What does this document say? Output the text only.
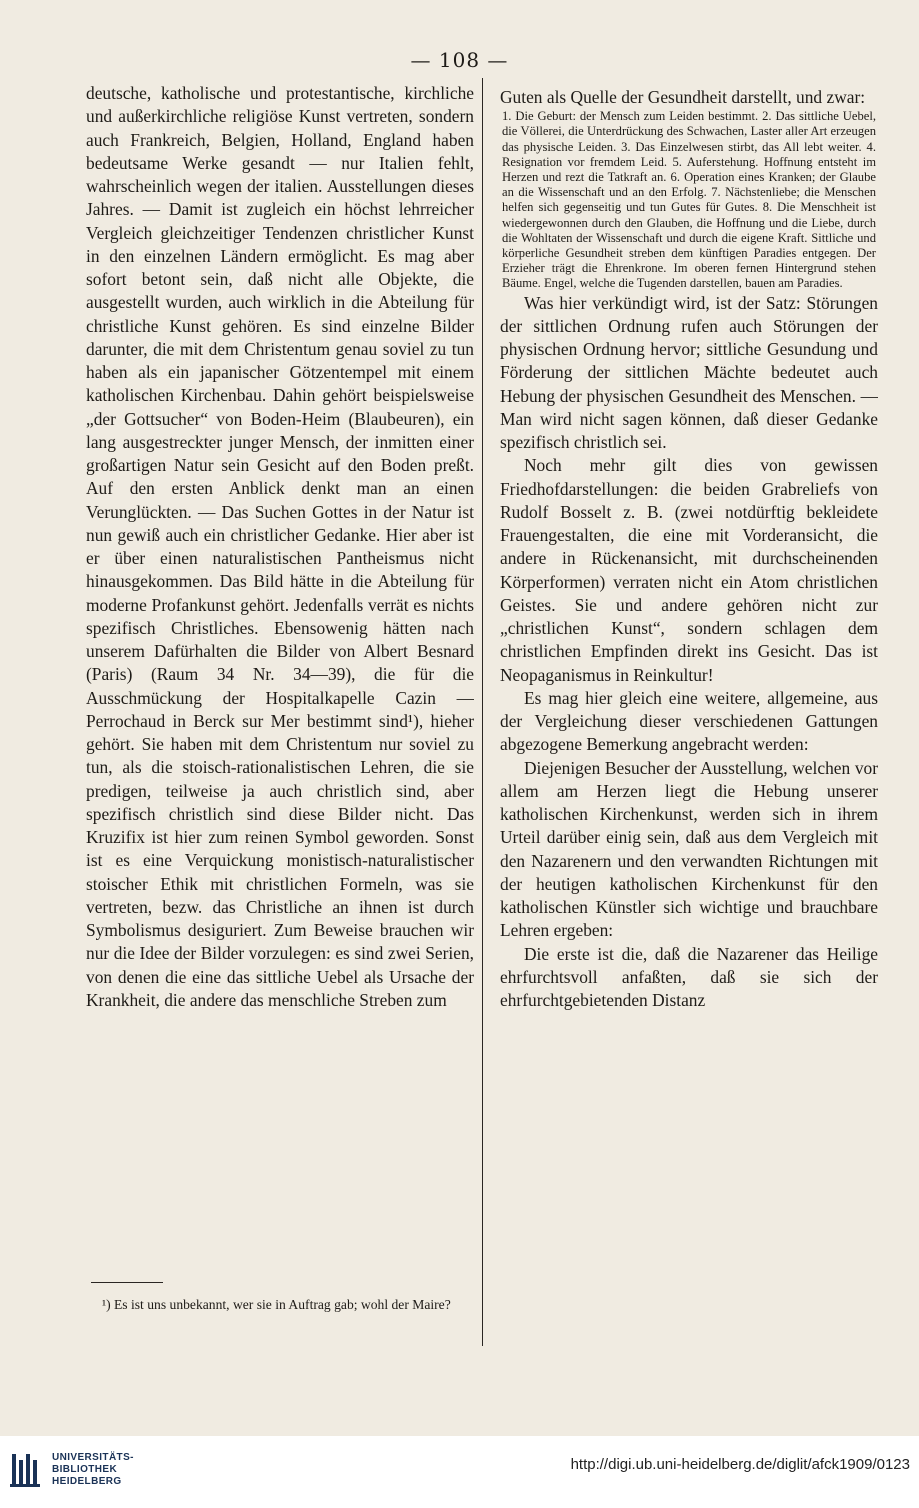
— 108 —

deutsche, katholische und protestantische, kirchliche und außerkirchliche religiöse Kunst vertreten, sondern auch Frankreich, Belgien, Holland, England haben bedeutsame Werke gesandt — nur Italien fehlt, wahrscheinlich wegen der italien. Ausstellungen dieses Jahres. — Damit ist zugleich ein höchst lehrreicher Vergleich gleichzeitiger Tendenzen christlicher Kunst in den einzelnen Ländern ermöglicht. Es mag aber sofort betont sein, daß nicht alle Objekte, die ausgestellt wurden, auch wirklich in die Abteilung für christliche Kunst gehören. Es sind einzelne Bilder darunter, die mit dem Christentum genau soviel zu tun haben als ein japanischer Götzentempel mit einem katholischen Kirchenbau. Dahin gehört beispielsweise „der Gottsucher“ von Boden-Heim (Blaubeuren), ein lang ausgestreckter junger Mensch, der inmitten einer großartigen Natur sein Gesicht auf den Boden preßt. Auf den ersten Anblick denkt man an einen Verunglückten. — Das Suchen Gottes in der Natur ist nun gewiß auch ein christlicher Gedanke. Hier aber ist er über einen naturalistischen Pantheismus nicht hinausgekommen. Das Bild hätte in die Abteilung für moderne Profankunst gehört. Jedenfalls verrät es nichts spezifisch Christliches. Ebensowenig hätten nach unserem Dafürhalten die Bilder von Albert Besnard (Paris) (Raum 34 Nr. 34—39), die für die Ausschmückung der Hospitalkapelle Cazin — Perrochaud in Berck sur Mer bestimmt sind¹), hieher gehört. Sie haben mit dem Christentum nur soviel zu tun, als die stoisch-rationalistischen Lehren, die sie predigen, teilweise ja auch christlich sind, aber spezifisch christlich sind diese Bilder nicht. Das Kruzifix ist hier zum reinen Symbol geworden. Sonst ist es eine Verquickung monistisch-naturalistischer stoischer Ethik mit christlichen Formeln, was sie vertreten, bezw. das Christliche an ihnen ist durch Symbolismus desiguriert. Zum Beweise brauchen wir nur die Idee der Bilder vorzulegen: es sind zwei Serien, von denen die eine das sittliche Uebel als Ursache der Krankheit, die andere das menschliche Streben zum

Guten als Quelle der Gesundheit darstellt, und zwar:

1. Die Geburt: der Mensch zum Leiden bestimmt. 2. Das sittliche Uebel, die Völlerei, die Unterdrückung des Schwachen, Laster aller Art erzeugen das physische Leiden. 3. Das Einzelwesen stirbt, das All lebt weiter. 4. Resignation vor fremdem Leid. 5. Auferstehung. Hoffnung entsteht im Herzen und rezt die Tatkraft an. 6. Operation eines Kranken; der Glaube an die Wissenschaft und an den Erfolg. 7. Nächstenliebe; die Menschen helfen sich gegenseitig und tun Gutes für Gutes. 8. Die Menschheit ist wiedergewonnen durch den Glauben, die Hoffnung und die Liebe, durch die Wohltaten der Wissenschaft und durch die eigene Kraft. Sittliche und körperliche Gesundheit streben dem künftigen Paradies entgegen. Der Erzieher trägt die Ehrenkrone. Im oberen fernen Hintergrund stehen Bäume. Engel, welche die Tugenden darstellen, bauen am Paradies.

Was hier verkündigt wird, ist der Satz: Störungen der sittlichen Ordnung rufen auch Störungen der physischen Ordnung hervor; sittliche Gesundung und Förderung der sittlichen Mächte bedeutet auch Hebung der physischen Gesundheit des Menschen. — Man wird nicht sagen können, daß dieser Gedanke spezifisch christlich sei.

Noch mehr gilt dies von gewissen Friedhofdarstellungen: die beiden Grabreliefs von Rudolf Bosselt z. B. (zwei notdürftig bekleidete Frauengestalten, die eine mit Vorderansicht, die andere in Rückenansicht, mit durchscheinenden Körperformen) verraten nicht ein Atom christlichen Geistes. Sie und andere gehören nicht zur „christlichen Kunst“, sondern schlagen dem christlichen Empfinden direkt ins Gesicht. Das ist Neopaganismus in Reinkultur!

Es mag hier gleich eine weitere, allgemeine, aus der Vergleichung dieser verschiedenen Gattungen abgezogene Bemerkung angebracht werden:

Diejenigen Besucher der Ausstellung, welchen vor allem am Herzen liegt die Hebung unserer katholischen Kirchenkunst, werden sich in ihrem Urteil darüber einig sein, daß aus dem Vergleich mit den Nazarenern und den verwandten Richtungen mit der heutigen katholischen Kirchenkunst für den katholischen Künstler sich wichtige und brauchbare Lehren ergeben:

Die erste ist die, daß die Nazarener das Heilige ehrfurchtsvoll anfaßten, daß sie sich der ehrfurchtgebietenden Distanz

¹) Es ist uns unbekannt, wer sie in Auftrag gab; wohl der Maire?
UNIVERSITÄTS-
BIBLIOTHEK
HEIDELBERG
http://digi.ub.uni-heidelberg.de/diglit/afck1909/0123
